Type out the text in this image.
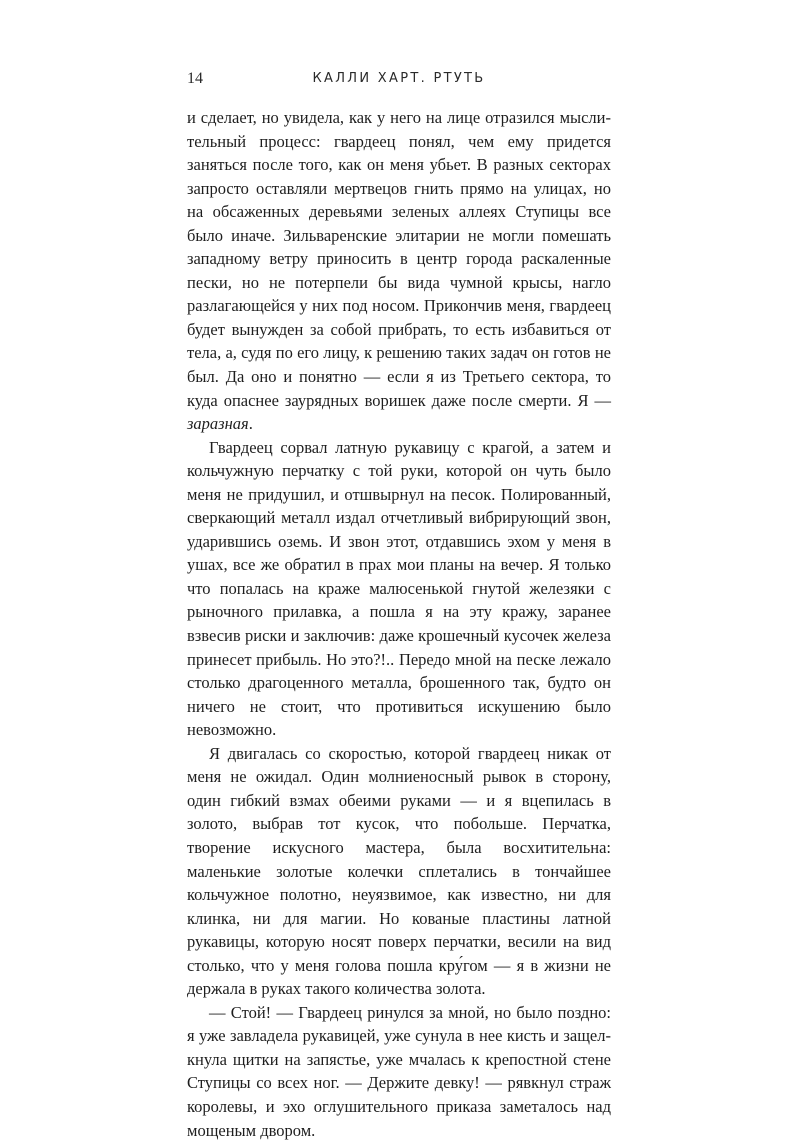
14	КАЛЛИ ХАРТ. РТУТЬ

и сделает, но увидела, как у него на лице отразился мыслительный процесс: гвардеец понял, чем ему придется заняться после того, как он меня убьет. В разных секторах запросто оставляли мертвецов гнить прямо на улицах, но на обсаженных деревьями зеленых аллеях Ступицы все было иначе. Зильваренские элитарии не могли помешать западному ветру приносить в центр города раскаленные пески, но не потерпели бы вида чумной крысы, нагло разлагающейся у них под носом. Прикончив меня, гвардеец будет вынужден за собой прибрать, то есть избавиться от тела, а, судя по его лицу, к решению таких задач он готов не был. Да оно и понятно — если я из Третьего сектора, то куда опаснее заурядных воришек даже после смерти. Я — заразная.

Гвардеец сорвал латную рукавицу с крагой, а затем и кольчужную перчатку с той руки, которой он чуть было меня не придушил, и отшвырнул на песок. Полированный, сверкающий металл издал отчетливый вибрирующий звон, ударившись оземь. И звон этот, отдавшись эхом у меня в ушах, все же обратил в прах мои планы на вечер. Я только что попалась на краже малюсенькой гнутой железяки с рыночного прилавка, а пошла я на эту кражу, заранее взвесив риски и заключив: даже крошечный кусочек железа принесет прибыль. Но это?!.. Передо мной на песке лежало столько драгоценного металла, брошенного так, будто он ничего не стоит, что противиться искушению было невозможно.

Я двигалась со скоростью, которой гвардеец никак от меня не ожидал. Один молниеносный рывок в сторону, один гибкий взмах обеими руками — и я вцепилась в золото, выбрав тот кусок, что побольше. Перчатка, творение искусного мастера, была восхитительна: маленькие золотые колечки сплетались в тончайшее кольчужное полотно, неуязвимое, как известно, ни для клинка, ни для магии. Но кованые пластины латной рукавицы, которую носят поверх перчатки, весили на вид столько, что у меня голова пошла кру́гом — я в жизни не держала в руках такого количества золота.

— Стой! — Гвардеец ринулся за мной, но было поздно: я уже завладела рукавицей, уже сунула в нее кисть и защелкнула щитки на запястье, уже мчалась к крепостной стене Ступицы со всех ног. — Держите девку! — рявкнул страж королевы, и эхо оглушительного приказа заметалось над мощеным двором.
